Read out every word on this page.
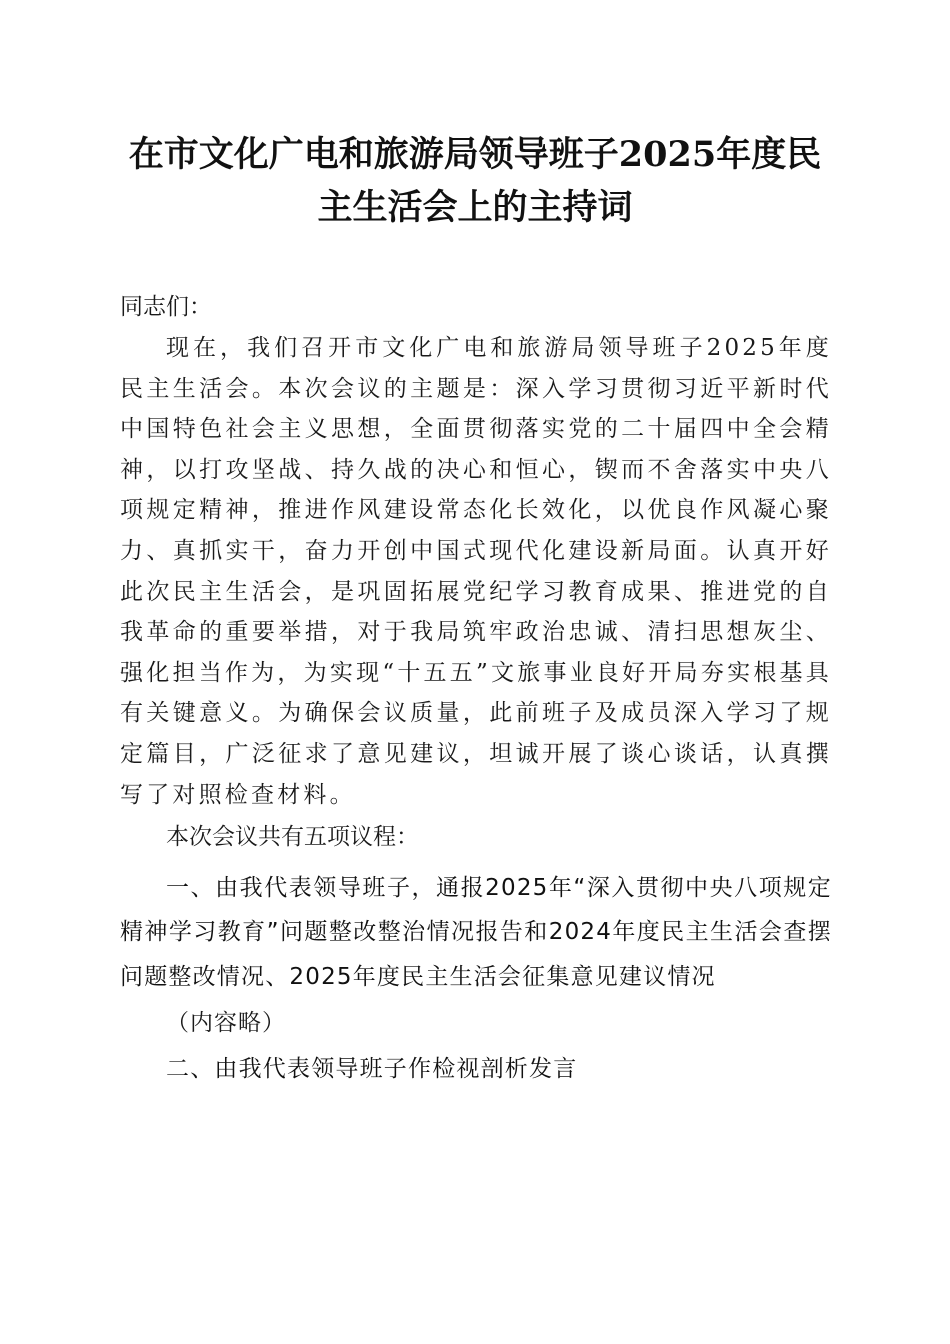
在市文化广电和旅游局领导班子2025年度民
主生活会上的主持词

同志们：

现在，我们召开市文化广电和旅游局领导班子2025年度民主生活会。本次会议的主题是：深入学习贯彻习近平新时代中国特色社会主义思想，全面贯彻落实党的二十届四中全会精神，以打攻坚战、持久战的决心和恒心，锲而不舍落实中央八项规定精神，推进作风建设常态化长效化，以优良作风凝心聚力、真抓实干，奋力开创中国式现代化建设新局面。认真开好此次民主生活会，是巩固拓展党纪学习教育成果、推进党的自我革命的重要举措，对于我局筑牢政治忠诚、清扫思想灰尘、强化担当作为，为实现“十五五”文旅事业良好开局夯实根基具有关键意义。为确保会议质量，此前班子及成员深入学习了规定篇目，广泛征求了意见建议，坦诚开展了谈心谈话，认真撰写了对照检查材料。

本次会议共有五项议程：

一、由我代表领导班子，通报2025年“深入贯彻中央八项规定精神学习教育”问题整改整治情况报告和2024年度民主生活会查摆问题整改情况、2025年度民主生活会征集意见建议情况

（内容略）

二、由我代表领导班子作检视剖析发言
